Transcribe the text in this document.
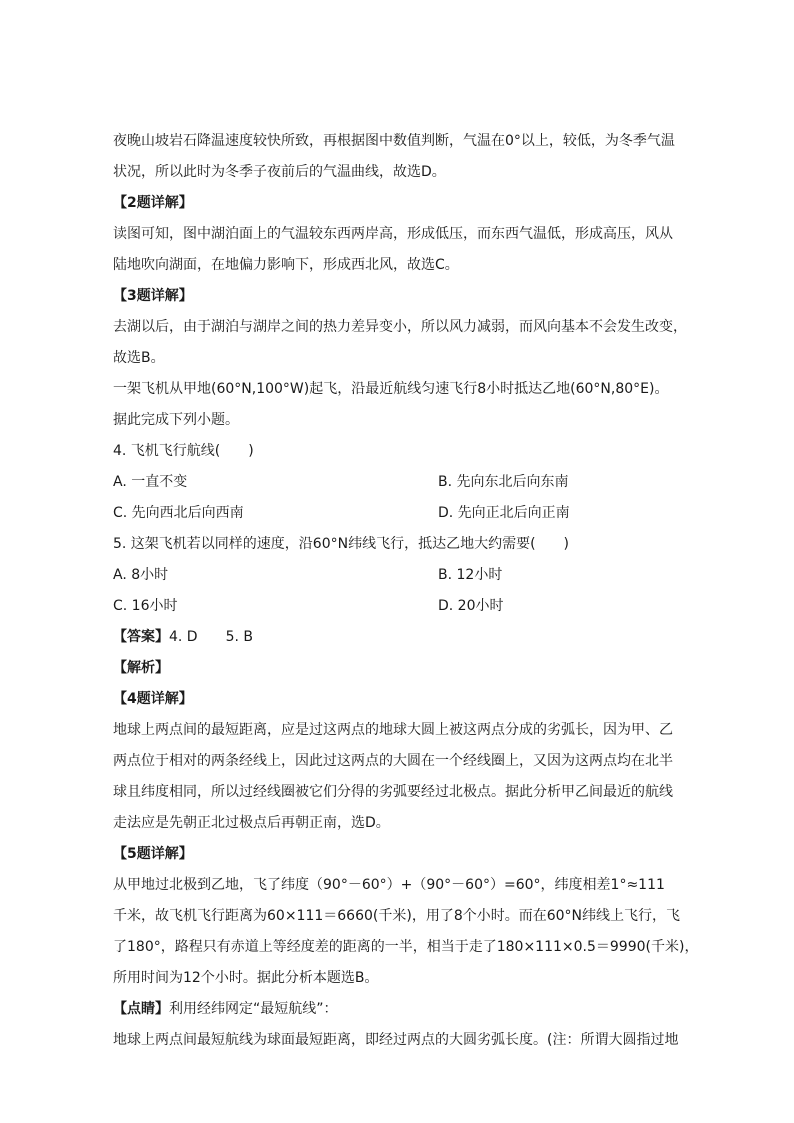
夜晚山坡岩石降温速度较快所致，再根据图中数值判断，气温在0°以上，较低，为冬季气温
状况，所以此时为冬季子夜前后的气温曲线，故选D。
【2题详解】
读图可知，图中湖泊面上的气温较东西两岸高，形成低压，而东西气温低，形成高压，风从
陆地吹向湖面，在地偏力影响下，形成西北风，故选C。
【3题详解】
去湖以后，由于湖泊与湖岸之间的热力差异变小，所以风力减弱，而风向基本不会发生改变，
故选B。
一架飞机从甲地(60°N,100°W)起飞，沿最近航线匀速飞行8小时抵达乙地(60°N,80°E)。
据此完成下列小题。
4. 飞机飞行航线(　　)
A. 一直不变	B. 先向东北后向东南
C. 先向西北后向西南	D. 先向正北后向正南
5. 这架飞机若以同样的速度，沿60°N纬线飞行，抵达乙地大约需要(　　)
A. 8小时	B. 12小时
C. 16小时	D. 20小时
【答案】4. D 5. B
【解析】
【4题详解】
地球上两点间的最短距离，应是过这两点的地球大圆上被这两点分成的劣弧长，因为甲、乙
两点位于相对的两条经线上，因此过这两点的大圆在一个经线圈上，又因为这两点均在北半
球且纬度相同，所以过经线圈被它们分得的劣弧要经过北极点。据此分析甲乙间最近的航线
走法应是先朝正北过极点后再朝正南，选D。
【5题详解】
从甲地过北极到乙地，飞了纬度（90°－60°）+（90°－60°）=60°，纬度相差1°≈111
千米，故飞机飞行距离为60×111＝6660(千米)，用了8个小时。而在60°N纬线上飞行，飞
了180°，路程只有赤道上等经度差的距离的一半，相当于走了180×111×0.5＝9990(千米)，
所用时间为12个小时。据此分析本题选B。
【点睛】利用经纬网定“最短航线”：
地球上两点间最短航线为球面最短距离，即经过两点的大圆劣弧长度。(注：所谓大圆指过地
